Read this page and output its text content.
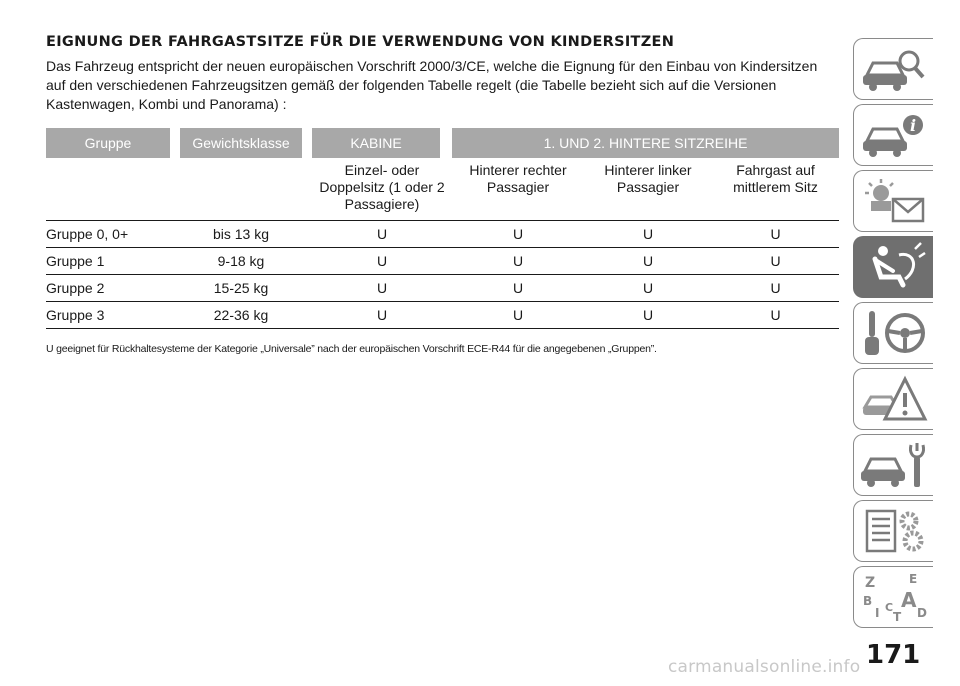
EIGNUNG DER FAHRGASTSITZE FÜR DIE VERWENDUNG VON KINDERSITZEN
Das Fahrzeug entspricht der neuen europäischen Vorschrift 2000/3/CE, welche die Eignung für den Einbau von Kindersitzen auf den verschiedenen Fahrzeugsitzen gemäß der folgenden Tabelle regelt (die Tabelle bezieht sich auf die Versionen Kastenwagen, Kombi und Panorama) :
Gruppe		Gewichtsklasse		KABINE		1. UND 2. HINTERE SITZREIHE		
				Einzel- oder Doppelsitz (1 oder 2 Passagiere)		Hinterer rechter Passagier	Hinterer linker Passagier	Fahrgast auf mittlerem Sitz
Gruppe 0, 0+	bis 13 kg			U		U	U	U
Gruppe 1	9-18 kg			U		U	U	U
Gruppe 2	15-25 kg			U		U	U	U
Gruppe 3	22-36 kg			U		U	U	U
U geeignet für Rückhaltesysteme der Kategorie „Universale” nach der europäischen Vorschrift ECE-R44 für die angegebenen „Gruppen”.
i
Z	E
B A
I C D
T
171
carmanualsonline.info
